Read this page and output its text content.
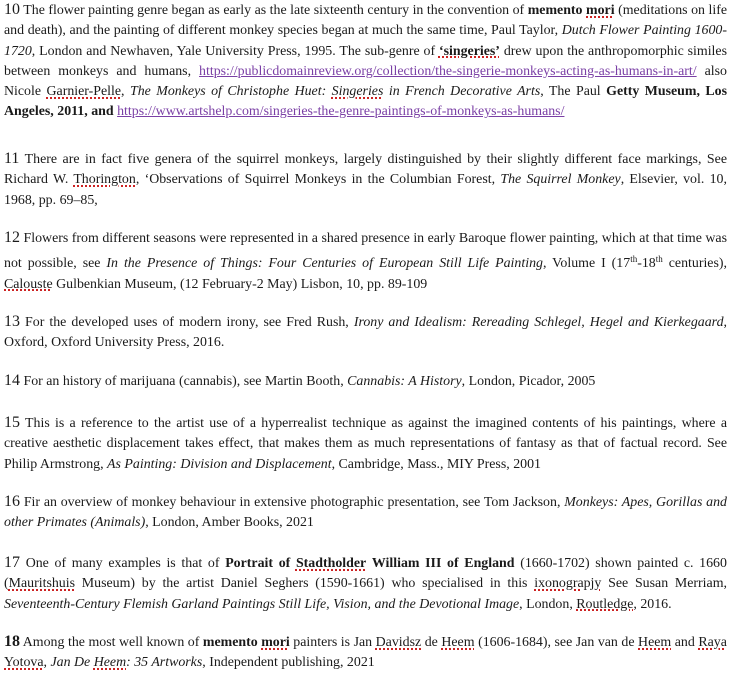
10 The flower painting genre began as early as the late sixteenth century in the convention of memento mori (meditations on life and death), and the painting of different monkey species began at much the same time, Paul Taylor, Dutch Flower Painting 1600-1720, London and Newhaven, Yale University Press, 1995. The sub-genre of ‘singeries’ drew upon the anthropomorphic similes between monkeys and humans, https://publicdomainreview.org/collection/the-singerie-monkeys-acting-as-humans-in-art/ also Nicole Garnier-Pelle, The Monkeys of Christophe Huet: Singeries in French Decorative Arts, The Paul Getty Museum, Los Angeles, 2011, and https://www.artshelp.com/singeries-the-genre-paintings-of-monkeys-as-humans/

11 There are in fact five genera of the squirrel monkeys, largely distinguished by their slightly different face markings, See Richard W. Thorington, ‘Observations of Squirrel Monkeys in the Columbian Forest, The Squirrel Monkey, Elsevier, vol. 10, 1968, pp. 69–85,

12 Flowers from different seasons were represented in a shared presence in early Baroque flower painting, which at that time was not possible, see In the Presence of Things: Four Centuries of European Still Life Painting, Volume I (17th-18th centuries), Calouste Gulbenkian Museum, (12 February-2 May) Lisbon, 10, pp. 89-109

13 For the developed uses of modern irony, see Fred Rush, Irony and Idealism: Rereading Schlegel, Hegel and Kierkegaard, Oxford, Oxford University Press, 2016.

14 For an history of marijuana (cannabis), see Martin Booth, Cannabis: A History, London, Picador, 2005

15 This is a reference to the artist use of a hyperrealist technique as against the imagined contents of his paintings, where a creative aesthetic displacement takes effect, that makes them as much representations of fantasy as that of factual record. See Philip Armstrong, As Painting: Division and Displacement, Cambridge, Mass., MIY Press, 2001

16 Fir an overview of monkey behaviour in extensive photographic presentation, see Tom Jackson, Monkeys: Apes, Gorillas and other Primates (Animals), London, Amber Books, 2021

17 One of many examples is that of Portrait of Stadtholder William III of England (1660-1702) shown painted c. 1660 (Mauritshuis Museum) by the artist Daniel Seghers (1590-1661) who specialised in this ixonograpjy See Susan Merriam, Seventeenth-Century Flemish Garland Paintings Still Life, Vision, and the Devotional Image, London, Routledge, 2016.

18 Among the most well known of memento mori painters is Jan Davidsz de Heem (1606-1684), see Jan van de Heem and Raya Yotova, Jan De Heem: 35 Artworks, Independent publishing, 2021
